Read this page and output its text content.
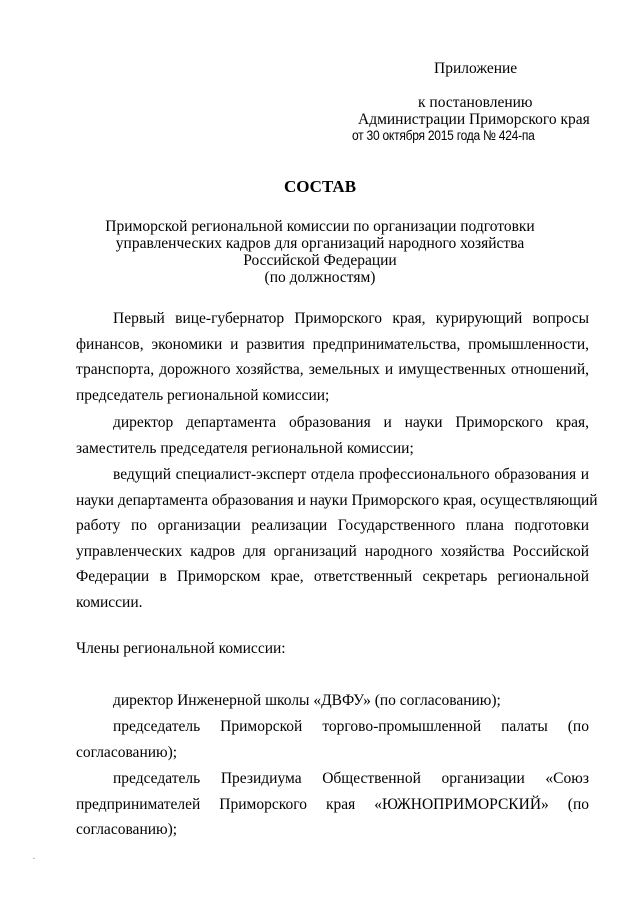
Приложение
к постановлению
Администрации Приморского края
от 30 октября 2015 года № 424-па
СОСТАВ
Приморской региональной комиссии по организации подготовки
управленческих кадров для организаций народного хозяйства
Российской Федерации
(по должностям)
Первый вице-губернатор Приморского края, курирующий вопросы
финансов, экономики и развития предпринимательства, промышленности,
транспорта, дорожного хозяйства, земельных и имущественных отношений,
председатель региональной комиссии;
директор департамента образования и науки Приморского края,
заместитель председателя региональной комиссии;
ведущий специалист-эксперт отдела профессионального образования и
науки департамента образования и науки Приморского края, осуществляющий
работу по организации реализации Государственного плана подготовки
управленческих кадров для организаций народного хозяйства Российской
Федерации в Приморском крае, ответственный секретарь региональной
комиссии.
Члены региональной комиссии:
директор Инженерной школы «ДВФУ» (по согласованию);
председатель Приморской торгово-промышленной палаты (по
согласованию);
председатель Президиума Общественной организации «Союз
предпринимателей Приморского края «ЮЖНОПРИМОРСКИЙ» (по
согласованию);
